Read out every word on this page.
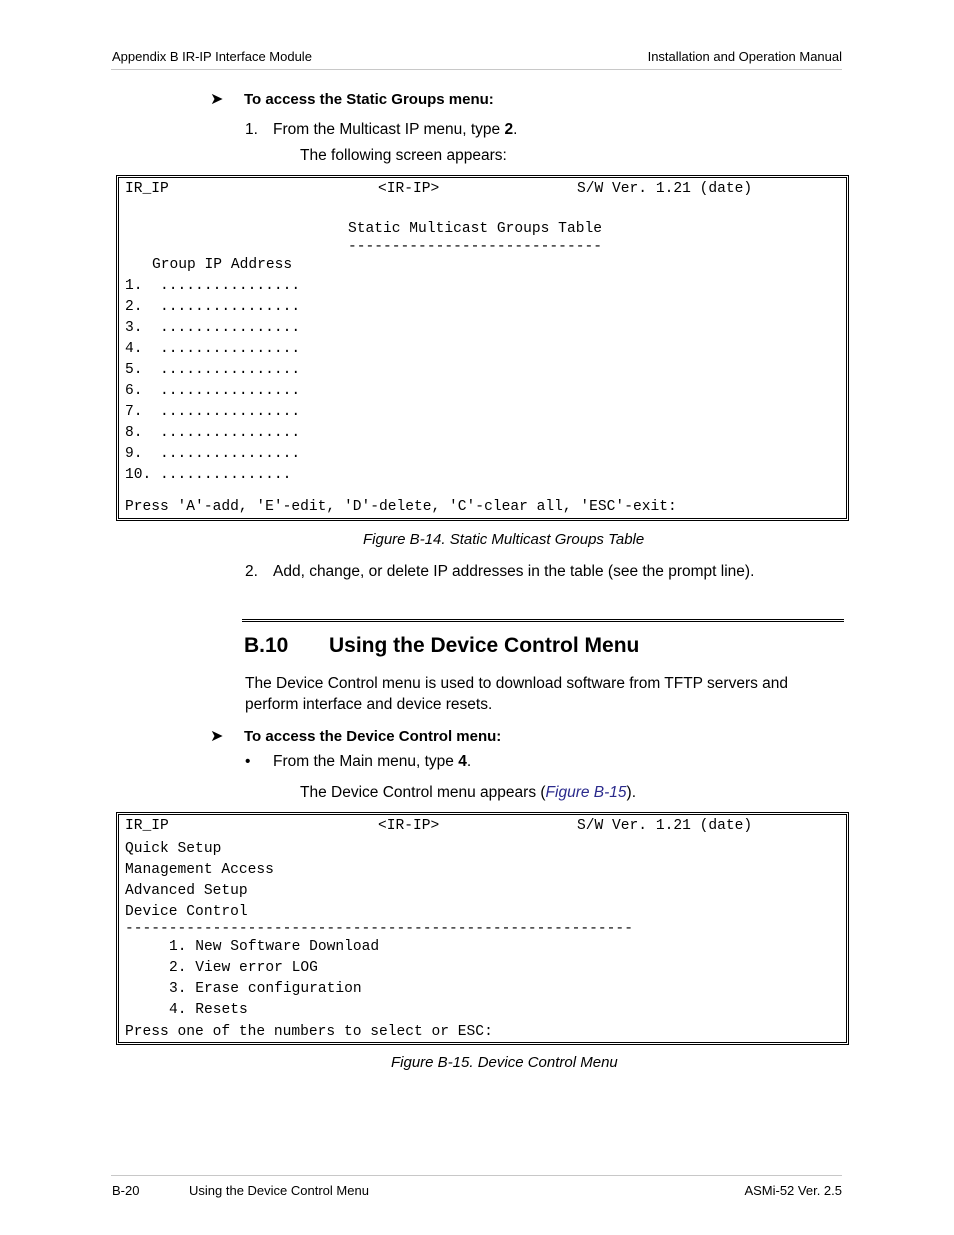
Appendix B IR-IP Interface Module	Installation and Operation Manual
➤ To access the Static Groups menu:
1. From the Multicast IP menu, type 2.
The following screen appears:
IR_IP	<IR-IP>	S/W Ver. 1.21 (date)
Static Multicast Groups Table
-----------------------------
Group IP Address
1.  ................
2.  ................
3.  ................
4.  ................
5.  ................
6.  ................
7.  ................
8.  ................
9.  ................
10. ...............
Press 'A'-add, 'E'-edit, 'D'-delete, 'C'-clear all, 'ESC'-exit:
Figure B-14. Static Multicast Groups Table
2. Add, change, or delete IP addresses in the table (see the prompt line).
B.10 Using the Device Control Menu
The Device Control menu is used to download software from TFTP servers and
perform interface and device resets.
➤ To access the Device Control menu:
• From the Main menu, type 4.
The Device Control menu appears (Figure B-15).
IR_IP	<IR-IP>	S/W Ver. 1.21 (date)
Quick Setup
Management Access
Advanced Setup
Device Control
----------------------------------------------------------
1. New Software Download
2. View error LOG
3. Erase configuration
4. Resets
Press one of the numbers to select or ESC:
Figure B-15. Device Control Menu
B-20	Using the Device Control Menu	ASMi-52 Ver. 2.5
